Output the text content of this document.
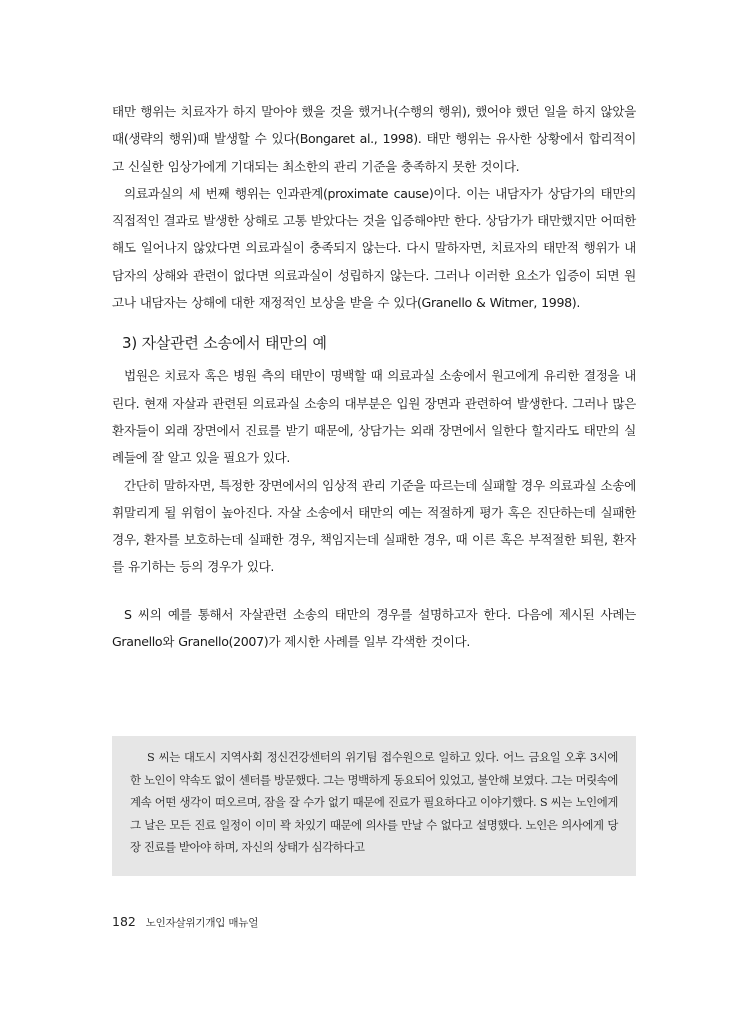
태만 행위는 치료자가 하지 말아야 했을 것을 했거나(수행의 행위), 했어야 했던 일을 하지 않았을 때(생략의 행위)때 발생할 수 있다(Bongaret al., 1998). 태만 행위는 유사한 상황에서 합리적이고 신실한 임상가에게 기대되는 최소한의 관리 기준을 충족하지 못한 것이다.

의료과실의 세 번째 행위는 인과관계(proximate cause)이다. 이는 내담자가 상담가의 태만의 직접적인 결과로 발생한 상해로 고통 받았다는 것을 입증해야만 한다. 상담가가 태만했지만 어떠한 해도 일어나지 않았다면 의료과실이 충족되지 않는다. 다시 말하자면, 치료자의 태만적 행위가 내담자의 상해와 관련이 없다면 의료과실이 성립하지 않는다. 그러나 이러한 요소가 입증이 되면 원고나 내담자는 상해에 대한 재정적인 보상을 받을 수 있다(Granello & Witmer, 1998).

3) 자살관련 소송에서 태만의 예

법원은 치료자 혹은 병원 측의 태만이 명백할 때 의료과실 소송에서 원고에게 유리한 결정을 내린다. 현재 자살과 관련된 의료과실 소송의 대부분은 입원 장면과 관련하여 발생한다. 그러나 많은 환자들이 외래 장면에서 진료를 받기 때문에, 상담가는 외래 장면에서 일한다 할지라도 태만의 실례들에 잘 알고 있을 필요가 있다.

간단히 말하자면, 특정한 장면에서의 임상적 관리 기준을 따르는데 실패할 경우 의료과실 소송에 휘말리게 될 위험이 높아진다. 자살 소송에서 태만의 예는 적절하게 평가 혹은 진단하는데 실패한 경우, 환자를 보호하는데 실패한 경우, 책임지는데 실패한 경우, 때 이른 혹은 부적절한 퇴원, 환자를 유기하는 등의 경우가 있다.

S 씨의 예를 통해서 자살관련 소송의 태만의 경우를 설명하고자 한다. 다음에 제시된 사례는 Granello와 Granello(2007)가 제시한 사례를 일부 각색한 것이다.

S 씨는 대도시 지역사회 정신건강센터의 위기팀 접수원으로 일하고 있다. 어느 금요일 오후 3시에 한 노인이 약속도 없이 센터를 방문했다. 그는 명백하게 동요되어 있었고, 불안해 보였다. 그는 머릿속에 계속 어떤 생각이 떠오르며, 잠을 잘 수가 없기 때문에 진료가 필요하다고 이야기했다. S 씨는 노인에게 그 날은 모든 진료 일정이 이미 꽉 차있기 때문에 의사를 만날 수 없다고 설명했다. 노인은 의사에게 당장 진료를 받아야 하며, 자신의 상태가 심각하다고

182 노인자살위기개입 매뉴얼
